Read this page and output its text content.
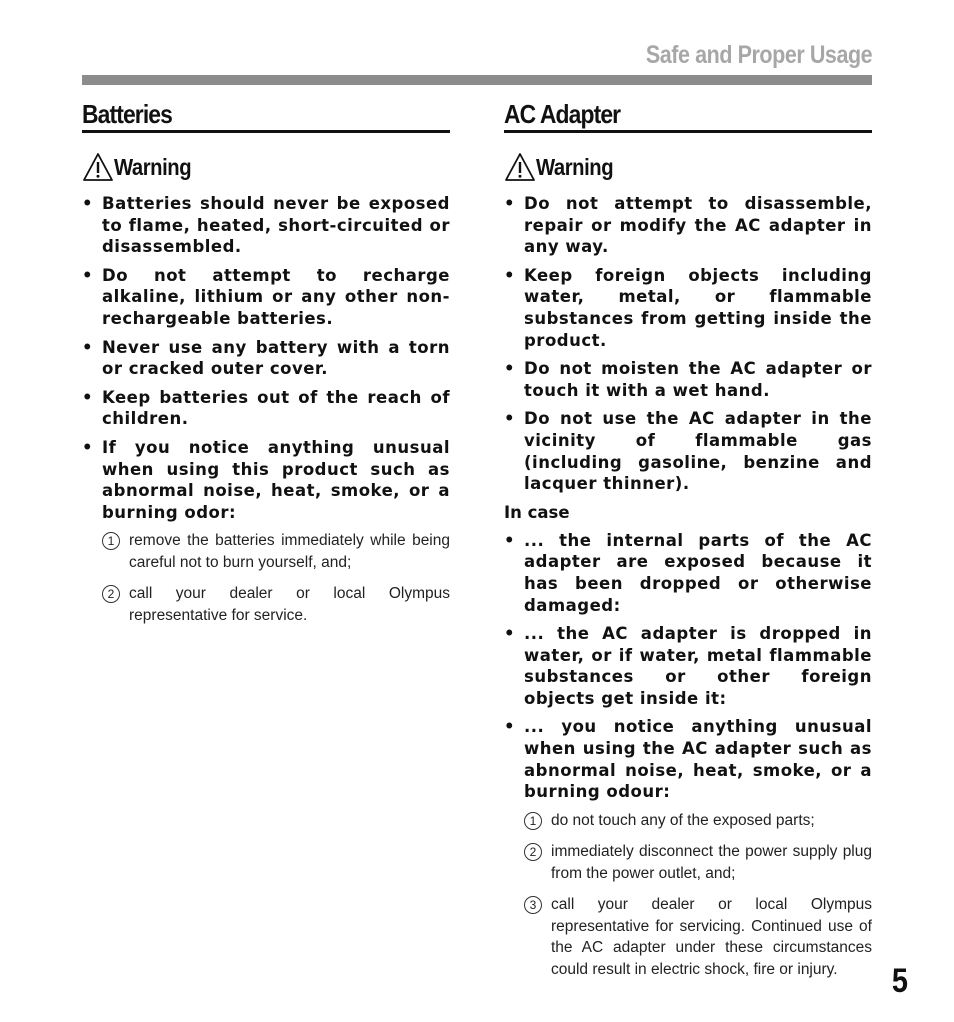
Safe and Proper Usage
Batteries
Warning
• Batteries should never be exposed to flame, heated, short-circuited or disassembled.
• Do not attempt to recharge alkaline, lithium or any other non-rechargeable batteries.
• Never use any battery with a torn or cracked outer cover.
• Keep batteries out of the reach of children.
• If you notice anything unusual when using this product such as abnormal noise, heat, smoke, or a burning odor:
1 remove the batteries immediately while being careful not to burn yourself, and;
2 call your dealer or local Olympus representative for service.
AC Adapter
Warning
• Do not attempt to disassemble, repair or modify the AC adapter in any way.
• Keep foreign objects including water, metal, or flammable substances from getting inside the product.
• Do not moisten the AC adapter or touch it with a wet hand.
• Do not use the AC adapter in the vicinity of flammable gas (including gasoline, benzine and lacquer thinner).
In case
• ... the internal parts of the AC adapter are exposed because it has been dropped or otherwise damaged:
• ... the AC adapter is dropped in water, or if water, metal flammable substances or other foreign objects get inside it:
• ... you notice anything unusual when using the AC adapter such as abnormal noise, heat, smoke, or a burning odour:
1 do not touch any of the exposed parts;
2 immediately disconnect the power supply plug from the power outlet, and;
3 call your dealer or local Olympus representative for servicing. Continued use of the AC adapter under these circumstances could result in electric shock, fire or injury.	5
